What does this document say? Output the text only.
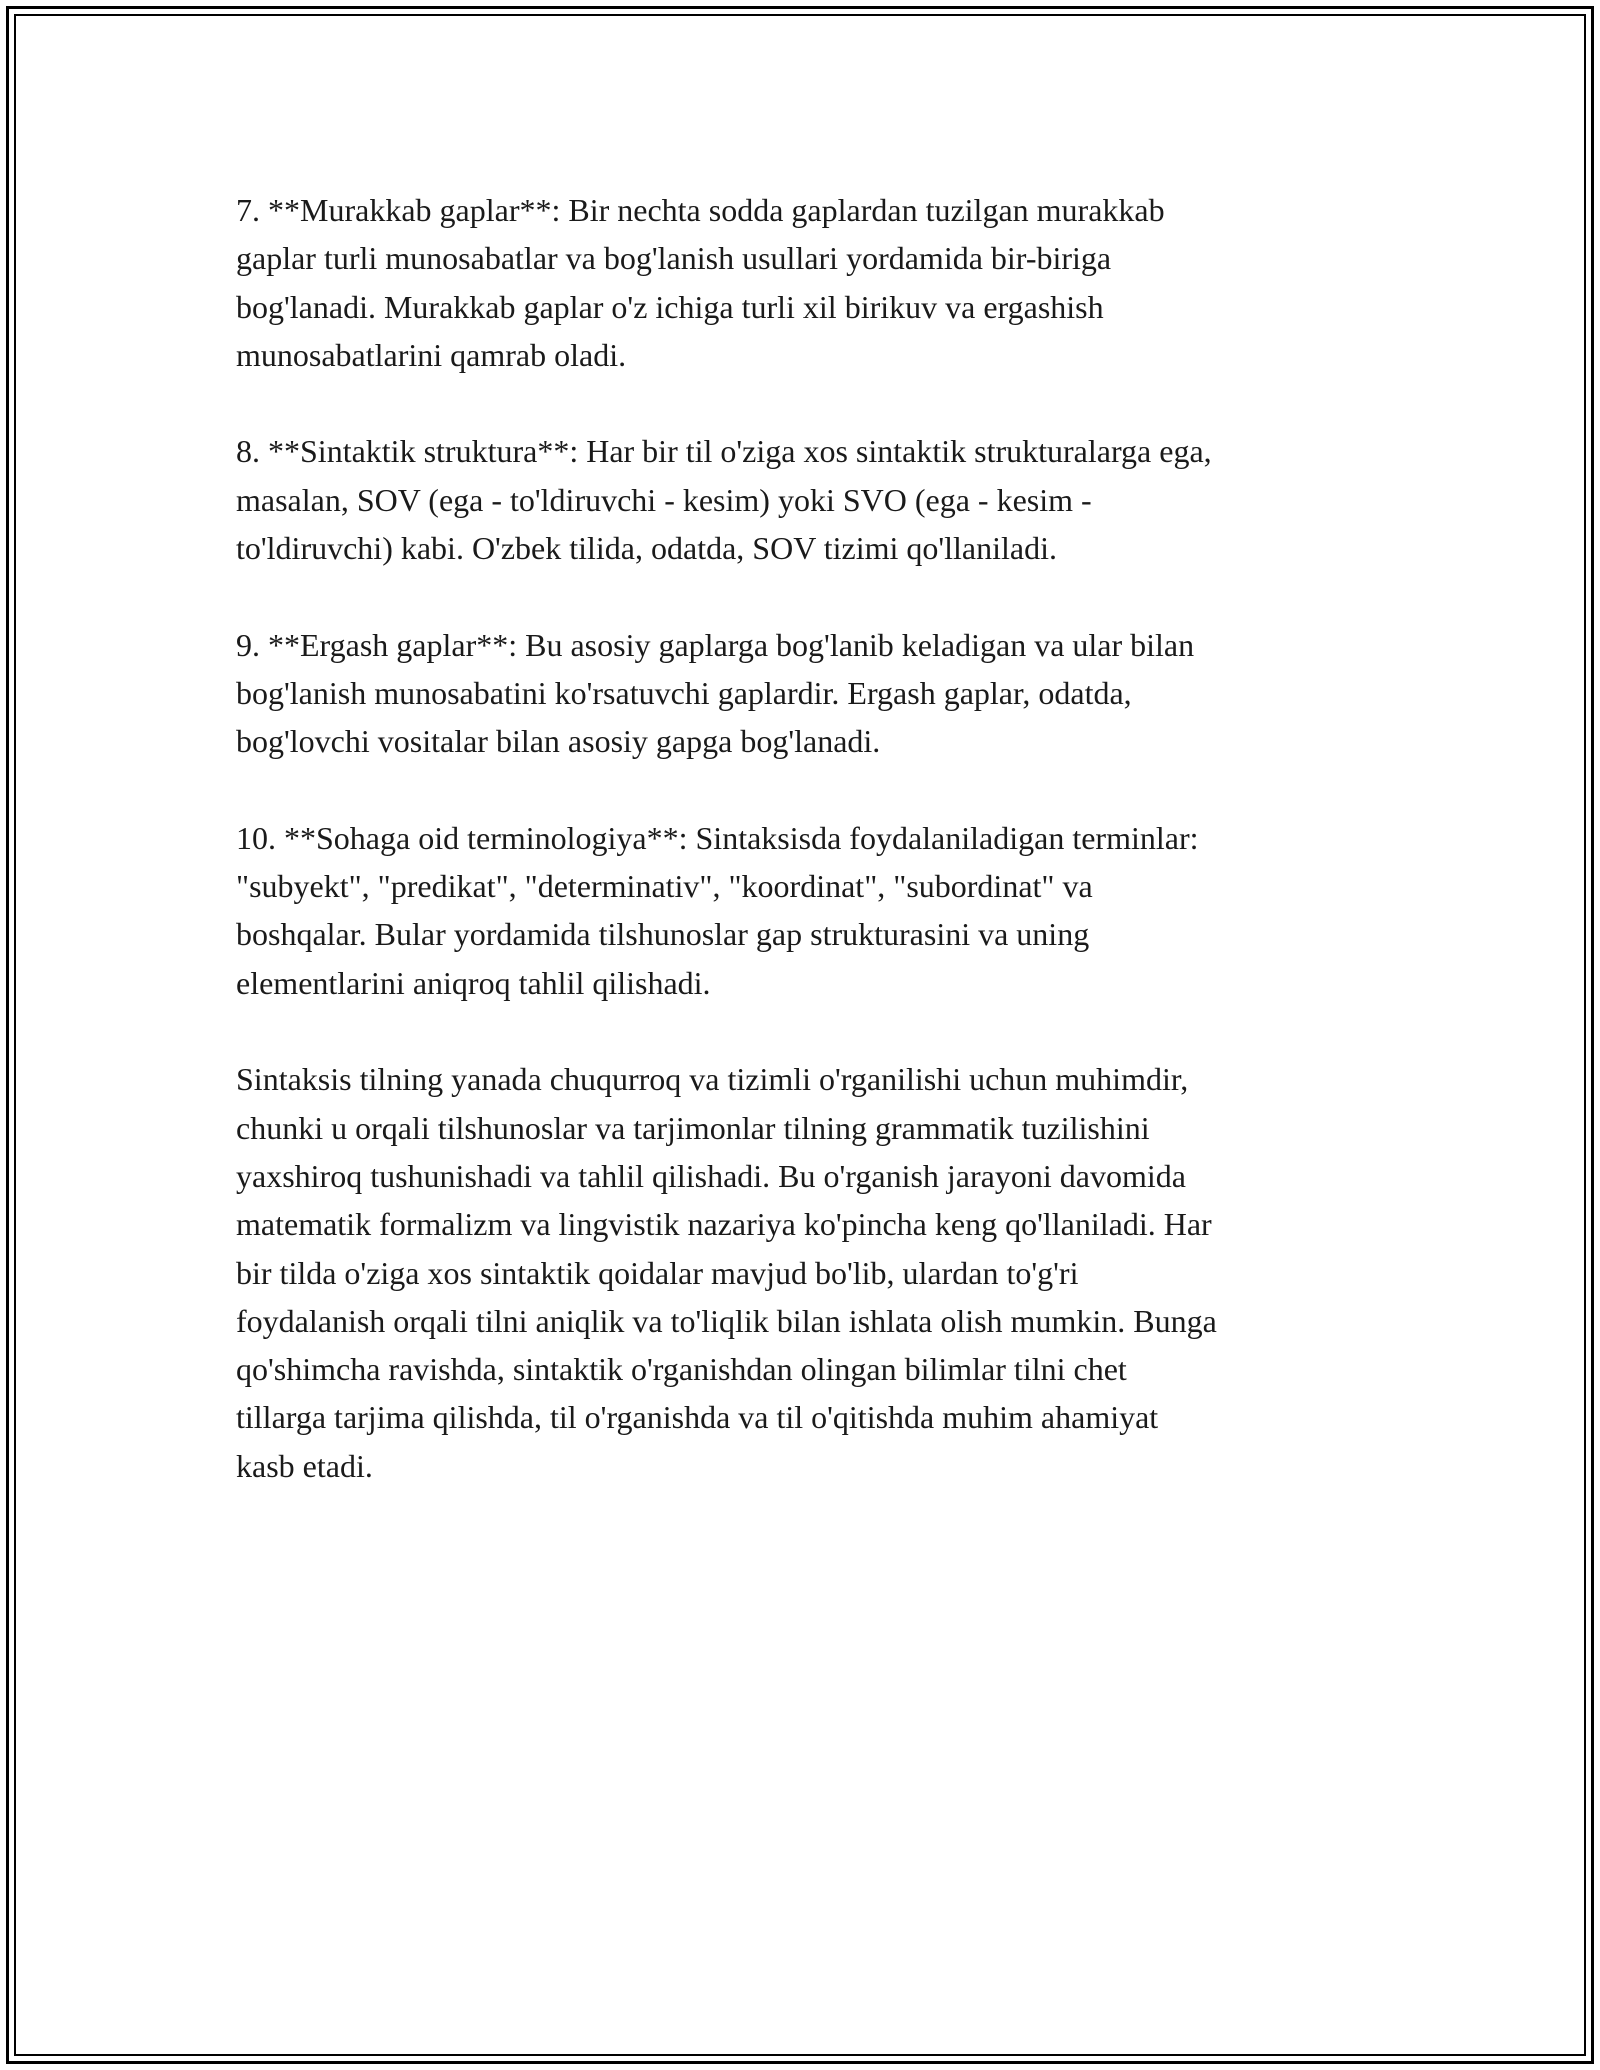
7. **Murakkab gaplar**: Bir nechta sodda gaplardan tuzilgan murakkab
gaplar turli munosabatlar va bog'lanish usullari yordamida bir-biriga
bog'lanadi. Murakkab gaplar o'z ichiga turli xil birikuv va ergashish
munosabatlarini qamrab oladi.

8. **Sintaktik struktura**: Har bir til o'ziga xos sintaktik strukturalarga ega,
masalan, SOV (ega - to'ldiruvchi - kesim) yoki SVO (ega - kesim -
to'ldiruvchi) kabi. O'zbek tilida, odatda, SOV tizimi qo'llaniladi.

9. **Ergash gaplar**: Bu asosiy gaplarga bog'lanib keladigan va ular bilan
bog'lanish munosabatini ko'rsatuvchi gaplardir. Ergash gaplar, odatda,
bog'lovchi vositalar bilan asosiy gapga bog'lanadi.

10. **Sohaga oid terminologiya**: Sintaksisda foydalaniladigan terminlar:
"subyekt", "predikat", "determinativ", "koordinat", "subordinat" va
boshqalar. Bular yordamida tilshunoslar gap strukturasini va uning
elementlarini aniqroq tahlil qilishadi.

Sintaksis tilning yanada chuqurroq va tizimli o'rganilishi uchun muhimdir,
chunki u orqali tilshunoslar va tarjimonlar tilning grammatik tuzilishini
yaxshiroq tushunishadi va tahlil qilishadi. Bu o'rganish jarayoni davomida
matematik formalizm va lingvistik nazariya ko'pincha keng qo'llaniladi. Har
bir tilda o'ziga xos sintaktik qoidalar mavjud bo'lib, ulardan to'g'ri
foydalanish orqali tilni aniqlik va to'liqlik bilan ishlata olish mumkin. Bunga
qo'shimcha ravishda, sintaktik o'rganishdan olingan bilimlar tilni chet
tillarga tarjima qilishda, til o'rganishda va til o'qitishda muhim ahamiyat
kasb etadi.
